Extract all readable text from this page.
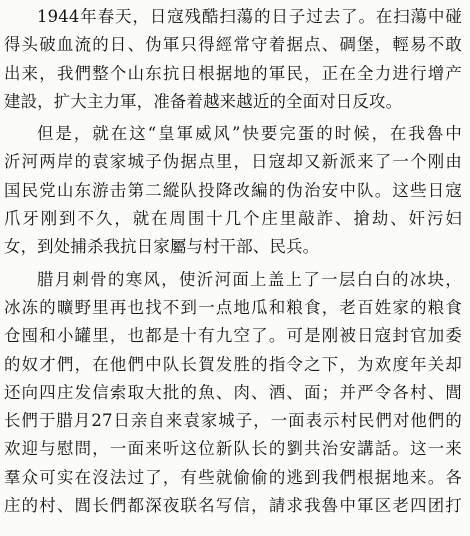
1944年春天，日寇残酷扫蕩的日子过去了。在扫蕩中碰
得头破血流的日、伪軍只得經常守着据点、碉堡，輕易不敢
出来，我們整个山东抗日根据地的軍民，正在全力进行增产
建設，扩大主力軍，准备着越来越近的全面对日反攻。
但是，就在这“皇軍威风”快要完蛋的时候，在我魯中
沂河两岸的袁家城子伪据点里，日寇却又新派来了一个刚由
国民党山东游击第二縱队投降改編的伪治安中队。这些日寇
爪牙刚到不久，就在周围十几个庄里敲詐、搶劫、奸污妇
女，到处捕杀我抗日家屬与村干部、民兵。
腊月刺骨的寒风，使沂河面上盖上了一层白白的冰块，
冰冻的曠野里再也找不到一点地瓜和粮食，老百姓家的粮食
仓囤和小罐里，也都是十有九空了。可是刚被日寇封官加委
的奴才們，在他們中队长賀发胜的指令之下，为欢度年关却
还向四庄发信索取大批的魚、肉、酒、面；并严令各村、閭
长們于腊月27日亲自来袁家城子，一面表示村民們对他們的
欢迎与慰問，一面来听这位新队长的劉共治安講話。这一来
羣众可实在沒法过了，有些就偷偷的逃到我們根据地来。各
庄的村、閭长們都深夜联名写信，請求我魯中軍区老四团打
